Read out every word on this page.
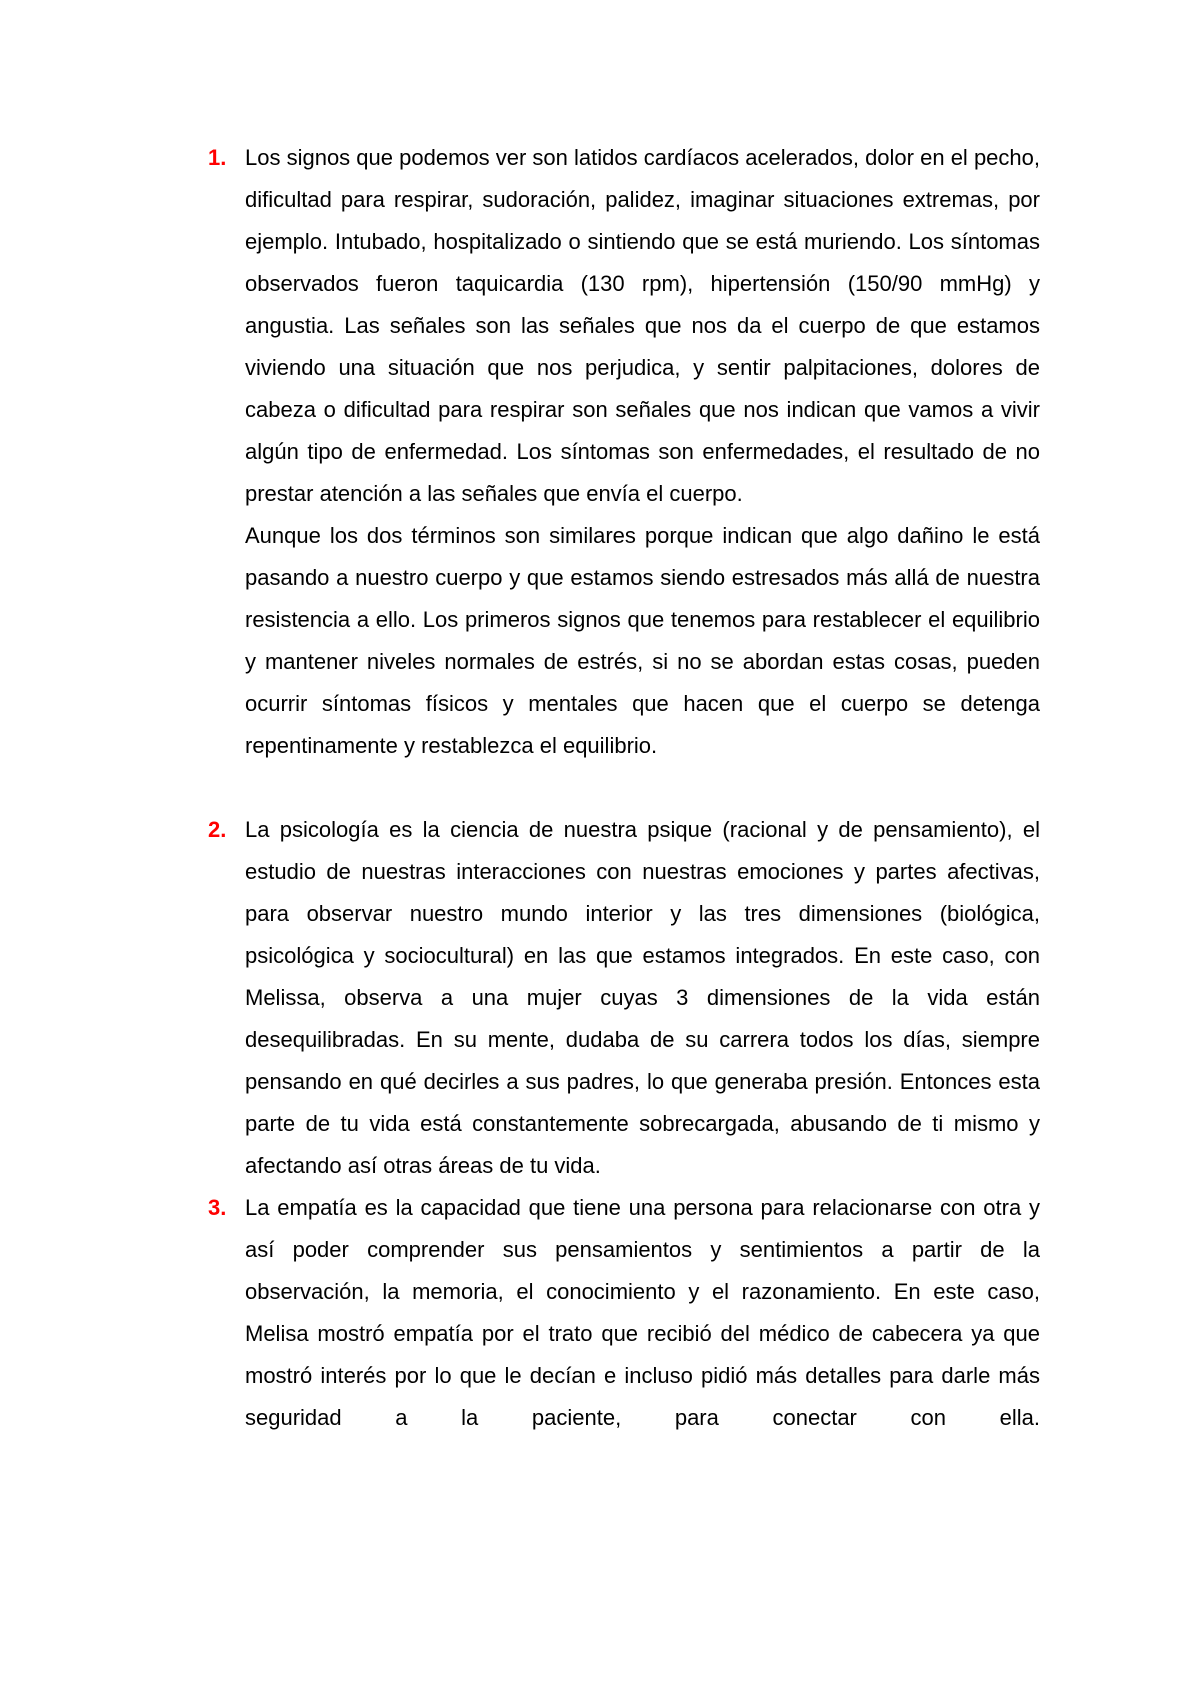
1. Los signos que podemos ver son latidos cardíacos acelerados, dolor en el pecho, dificultad para respirar, sudoración, palidez, imaginar situaciones extremas, por ejemplo. Intubado, hospitalizado o sintiendo que se está muriendo. Los síntomas observados fueron taquicardia (130 rpm), hipertensión (150/90 mmHg) y angustia. Las señales son las señales que nos da el cuerpo de que estamos viviendo una situación que nos perjudica, y sentir palpitaciones, dolores de cabeza o dificultad para respirar son señales que nos indican que vamos a vivir algún tipo de enfermedad. Los síntomas son enfermedades, el resultado de no prestar atención a las señales que envía el cuerpo.

Aunque los dos términos son similares porque indican que algo dañino le está pasando a nuestro cuerpo y que estamos siendo estresados más allá de nuestra resistencia a ello. Los primeros signos que tenemos para restablecer el equilibrio y mantener niveles normales de estrés, si no se abordan estas cosas, pueden ocurrir síntomas físicos y mentales que hacen que el cuerpo se detenga repentinamente y restablezca el equilibrio.

2. La psicología es la ciencia de nuestra psique (racional y de pensamiento), el estudio de nuestras interacciones con nuestras emociones y partes afectivas, para observar nuestro mundo interior y las tres dimensiones (biológica, psicológica y sociocultural) en las que estamos integrados. En este caso, con Melissa, observa a una mujer cuyas 3 dimensiones de la vida están desequilibradas. En su mente, dudaba de su carrera todos los días, siempre pensando en qué decirles a sus padres, lo que generaba presión. Entonces esta parte de tu vida está constantemente sobrecargada, abusando de ti mismo y afectando así otras áreas de tu vida.

3. La empatía es la capacidad que tiene una persona para relacionarse con otra y así poder comprender sus pensamientos y sentimientos a partir de la observación, la memoria, el conocimiento y el razonamiento. En este caso, Melisa mostró empatía por el trato que recibió del médico de cabecera ya que mostró interés por lo que le decían e incluso pidió más detalles para darle más seguridad a la paciente, para conectar con ella.
